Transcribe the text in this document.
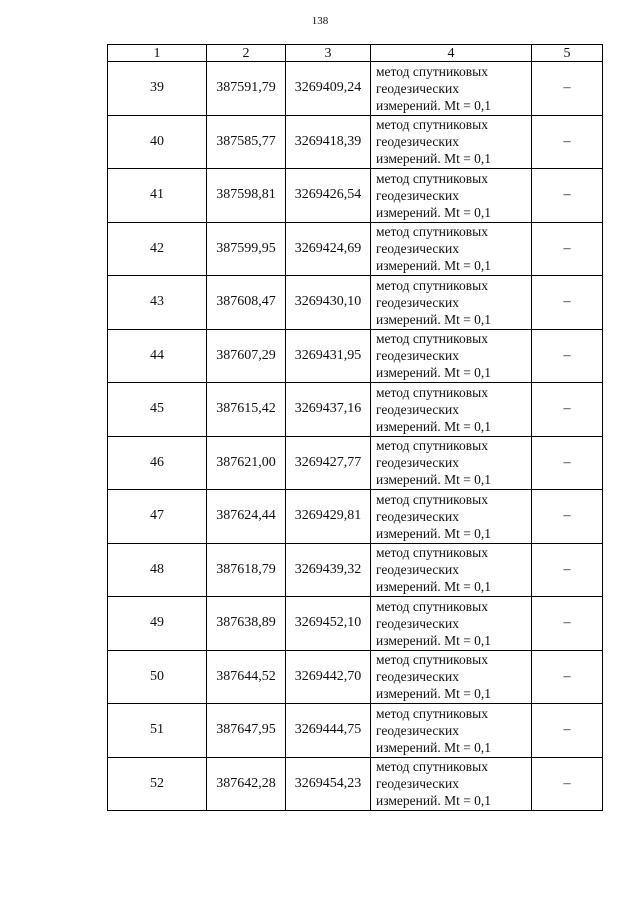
138
1	2	3	4	5
39	387591,79	3269409,24	метод спутниковых
геодезических
измерений. Mt = 0,1	–
40	387585,77	3269418,39	метод спутниковых
геодезических
измерений. Mt = 0,1	–
41	387598,81	3269426,54	метод спутниковых
геодезических
измерений. Mt = 0,1	–
42	387599,95	3269424,69	метод спутниковых
геодезических
измерений. Mt = 0,1	–
43	387608,47	3269430,10	метод спутниковых
геодезических
измерений. Mt = 0,1	–
44	387607,29	3269431,95	метод спутниковых
геодезических
измерений. Mt = 0,1	–
45	387615,42	3269437,16	метод спутниковых
геодезических
измерений. Mt = 0,1	–
46	387621,00	3269427,77	метод спутниковых
геодезических
измерений. Mt = 0,1	–
47	387624,44	3269429,81	метод спутниковых
геодезических
измерений. Mt = 0,1	–
48	387618,79	3269439,32	метод спутниковых
геодезических
измерений. Mt = 0,1	–
49	387638,89	3269452,10	метод спутниковых
геодезических
измерений. Mt = 0,1	–
50	387644,52	3269442,70	метод спутниковых
геодезических
измерений. Mt = 0,1	–
51	387647,95	3269444,75	метод спутниковых
геодезических
измерений. Mt = 0,1	–
52	387642,28	3269454,23	метод спутниковых
геодезических
измерений. Mt = 0,1	–
